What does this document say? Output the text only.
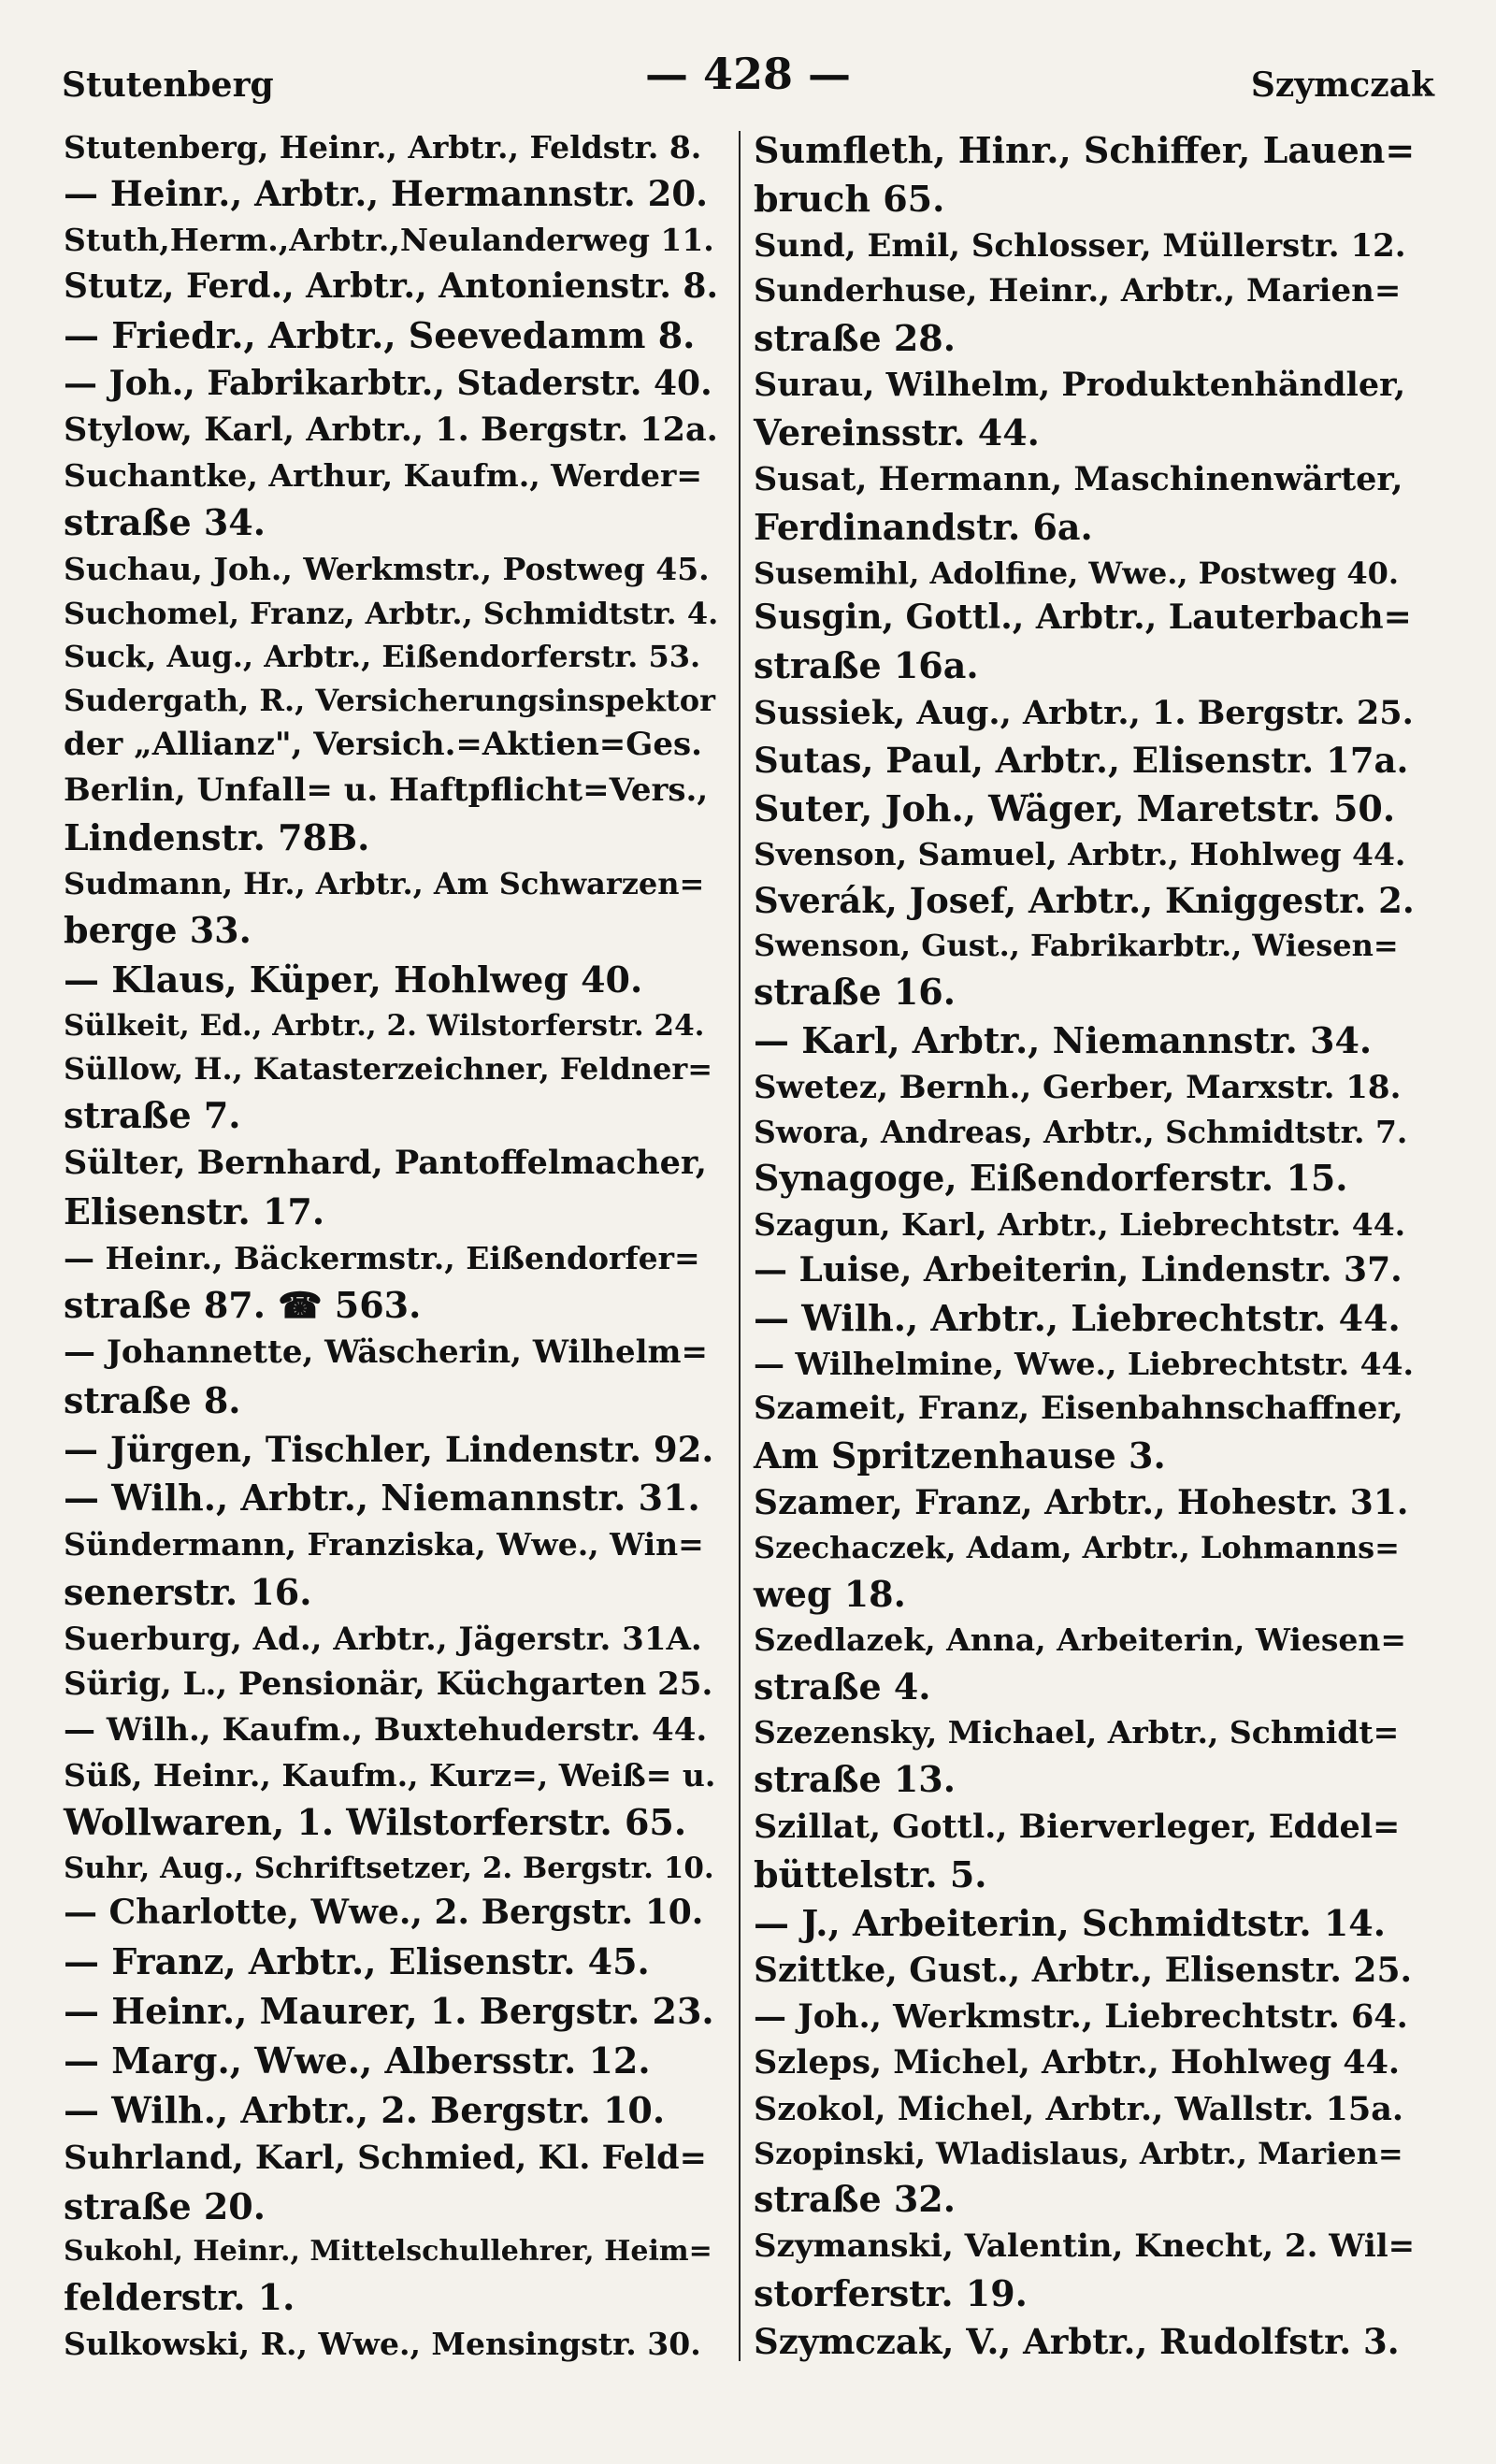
Stutenberg	— 428 —	Szymczak
Stutenberg, Heinr., Arbtr., Feldstr. 8.
— Heinr., Arbtr., Hermannstr. 20.
Stuth,Herm.,Arbtr.,Neulanderweg 11.
Stutz, Ferd., Arbtr., Antonienstr. 8.
— Friedr., Arbtr., Seevedamm 8.
— Joh., Fabrikarbtr., Staderstr. 40.
Stylow, Karl, Arbtr., 1. Bergstr. 12a.
Suchantke, Arthur, Kaufm., Werder=
straße 34.
Suchau, Joh., Werkmstr., Postweg 45.
Suchomel, Franz, Arbtr., Schmidtstr. 4.
Suck, Aug., Arbtr., Eißendorferstr. 53.
Sudergath, R., Versicherungsinspektor
der „Allianz", Versich.=Aktien=Ges.
Berlin, Unfall= u. Haftpflicht=Vers.,
Lindenstr. 78B.
Sudmann, Hr., Arbtr., Am Schwarzen=
berge 33.
— Klaus, Küper, Hohlweg 40.
Sülkeit, Ed., Arbtr., 2. Wilstorferstr. 24.
Süllow, H., Katasterzeichner, Feldner=
straße 7.
Sülter, Bernhard, Pantoffelmacher,
Elisenstr. 17.
— Heinr., Bäckermstr., Eißendorfer=
straße 87. ☎ 563.
— Johannette, Wäscherin, Wilhelm=
straße 8.
— Jürgen, Tischler, Lindenstr. 92.
— Wilh., Arbtr., Niemannstr. 31.
Sündermann, Franziska, Wwe., Win=
senerstr. 16.
Suerburg, Ad., Arbtr., Jägerstr. 31A.
Sürig, L., Pensionär, Küchgarten 25.
— Wilh., Kaufm., Buxtehuderstr. 44.
Süß, Heinr., Kaufm., Kurz=, Weiß= u.
Wollwaren, 1. Wilstorferstr. 65.
Suhr, Aug., Schriftsetzer, 2. Bergstr. 10.
— Charlotte, Wwe., 2. Bergstr. 10.
— Franz, Arbtr., Elisenstr. 45.
— Heinr., Maurer, 1. Bergstr. 23.
— Marg., Wwe., Albersstr. 12.
— Wilh., Arbtr., 2. Bergstr. 10.
Suhrland, Karl, Schmied, Kl. Feld=
straße 20.
Sukohl, Heinr., Mittelschullehrer, Heim=
felderstr. 1.
Sulkowski, R., Wwe., Mensingstr. 30.
Sumfleth, Hinr., Schiffer, Lauen=
bruch 65.
Sund, Emil, Schlosser, Müllerstr. 12.
Sunderhuse, Heinr., Arbtr., Marien=
straße 28.
Surau, Wilhelm, Produktenhändler,
Vereinsstr. 44.
Susat, Hermann, Maschinenwärter,
Ferdinandstr. 6a.
Susemihl, Adolfine, Wwe., Postweg 40.
Susgin, Gottl., Arbtr., Lauterbach=
straße 16a.
Sussiek, Aug., Arbtr., 1. Bergstr. 25.
Sutas, Paul, Arbtr., Elisenstr. 17a.
Suter, Joh., Wäger, Maretstr. 50.
Svenson, Samuel, Arbtr., Hohlweg 44.
Sverák, Josef, Arbtr., Kniggestr. 2.
Swenson, Gust., Fabrikarbtr., Wiesen=
straße 16.
— Karl, Arbtr., Niemannstr. 34.
Swetez, Bernh., Gerber, Marxstr. 18.
Swora, Andreas, Arbtr., Schmidtstr. 7.
Synagoge, Eißendorferstr. 15.
Szagun, Karl, Arbtr., Liebrechtstr. 44.
— Luise, Arbeiterin, Lindenstr. 37.
— Wilh., Arbtr., Liebrechtstr. 44.
— Wilhelmine, Wwe., Liebrechtstr. 44.
Szameit, Franz, Eisenbahnschaffner,
Am Spritzenhause 3.
Szamer, Franz, Arbtr., Hohestr. 31.
Szechaczek, Adam, Arbtr., Lohmanns=
weg 18.
Szedlazek, Anna, Arbeiterin, Wiesen=
straße 4.
Szezensky, Michael, Arbtr., Schmidt=
straße 13.
Szillat, Gottl., Bierverleger, Eddel=
büttelstr. 5.
— J., Arbeiterin, Schmidtstr. 14.
Szittke, Gust., Arbtr., Elisenstr. 25.
— Joh., Werkmstr., Liebrechtstr. 64.
Szleps, Michel, Arbtr., Hohlweg 44.
Szokol, Michel, Arbtr., Wallstr. 15a.
Szopinski, Wladislaus, Arbtr., Marien=
straße 32.
Szymanski, Valentin, Knecht, 2. Wil=
storferstr. 19.
Szymczak, V., Arbtr., Rudolfstr. 3.
